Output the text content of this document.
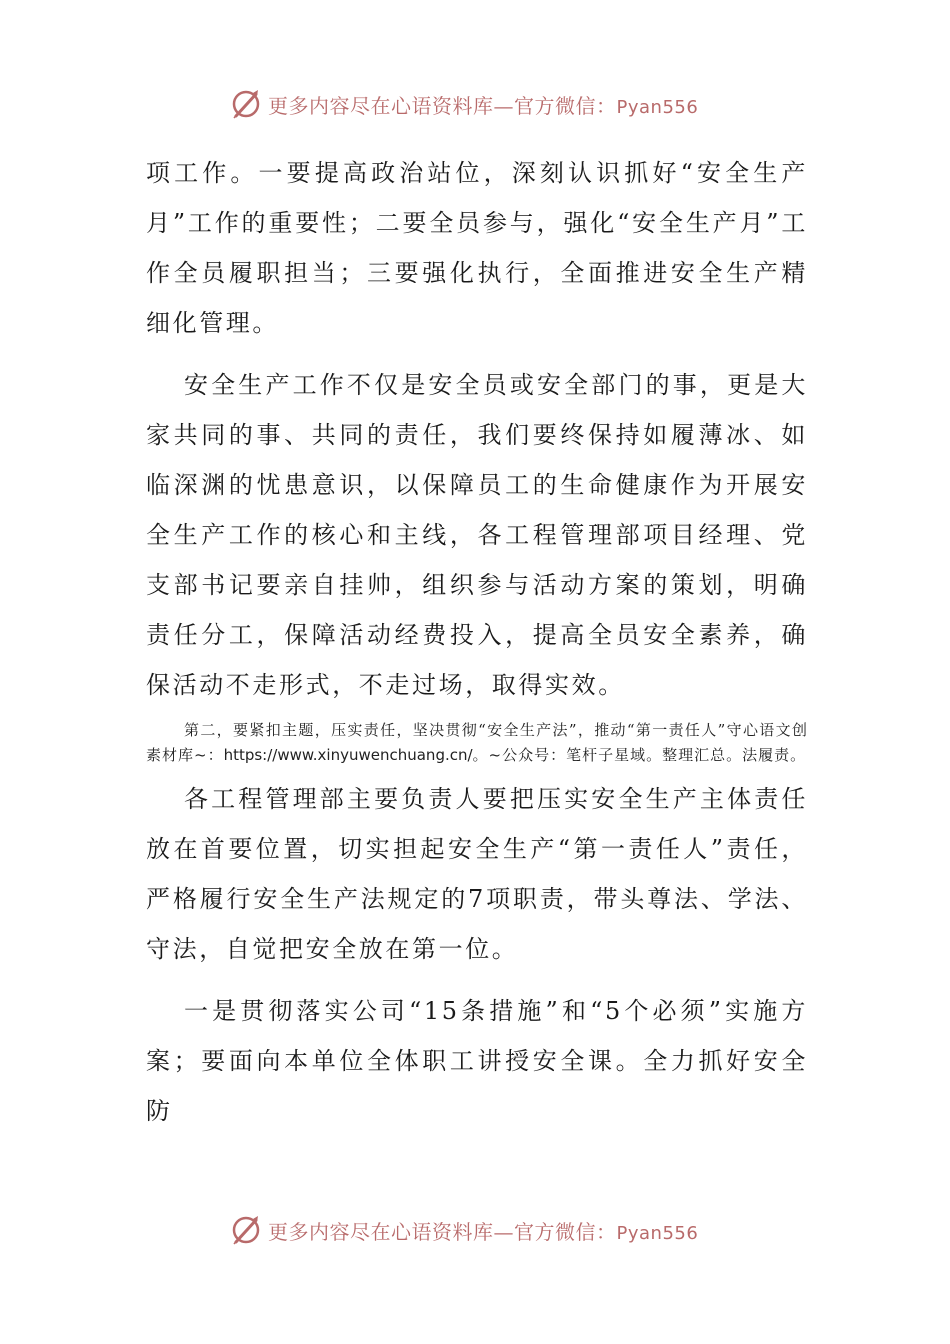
更多内容尽在心语资料库—官方微信：Pyan556

项工作。一要提高政治站位，深刻认识抓好“安全生产月”工作的重要性；二要全员参与，强化“安全生产月”工作全员履职担当；三要强化执行，全面推进安全生产精细化管理。

安全生产工作不仅是安全员或安全部门的事，更是大家共同的事、共同的责任，我们要终保持如履薄冰、如临深渊的忧患意识，以保障员工的生命健康作为开展安全生产工作的核心和主线，各工程管理部项目经理、党支部书记要亲自挂帅，组织参与活动方案的策划，明确责任分工，保障活动经费投入，提高全员安全素养，确保活动不走形式，不走过场，取得实效。

第二，要紧扣主题，压实责任，坚决贯彻“安全生产法”，推动“第一责任人”守心语文创素材库~：https://www.xinyuwenchuang.cn/。~公众号：笔杆子星域。整理汇总。法履责。

各工程管理部主要负责人要把压实安全生产主体责任放在首要位置，切实担起安全生产“第一责任人”责任，严格履行安全生产法规定的7项职责，带头尊法、学法、守法，自觉把安全放在第一位。

一是贯彻落实公司“15条措施”和“5个必须”实施方案；要面向本单位全体职工讲授安全课。全力抓好安全防

更多内容尽在心语资料库—官方微信：Pyan556
